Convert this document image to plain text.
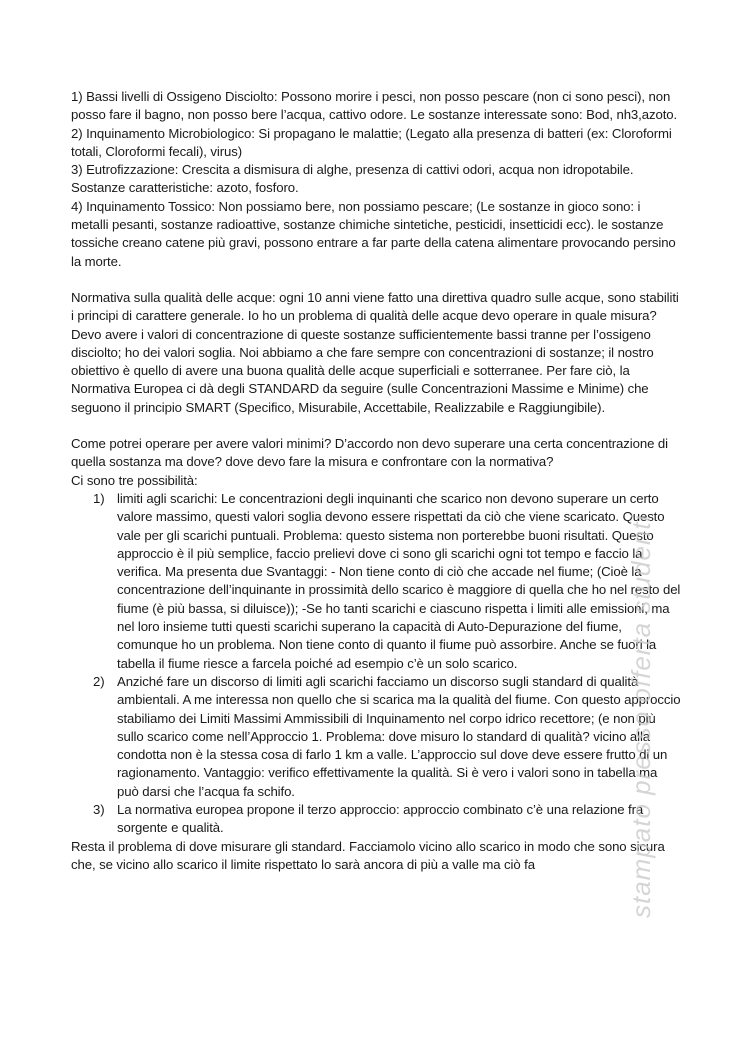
1) Bassi livelli di Ossigeno Disciolto: Possono morire i pesci, non posso pescare (non ci sono pesci), non posso fare il bagno, non posso bere l’acqua, cattivo odore. Le sostanze interessate sono: Bod, nh3,azoto.

2) Inquinamento Microbiologico: Si propagano le malattie; (Legato alla presenza di batteri (ex: Cloroformi totali, Cloroformi fecali), virus)

3) Eutrofizzazione: Crescita a dismisura di alghe, presenza di cattivi odori, acqua non idropotabile. Sostanze caratteristiche: azoto, fosforo.

4) Inquinamento Tossico: Non possiamo bere, non possiamo pescare; (Le sostanze in gioco sono: i metalli pesanti, sostanze radioattive, sostanze chimiche sintetiche, pesticidi, insetticidi ecc). le sostanze tossiche creano catene più gravi, possono entrare a far parte della catena alimentare provocando persino la morte.

Normativa sulla qualità delle acque: ogni 10 anni viene fatto una direttiva quadro sulle acque, sono stabiliti i principi di carattere generale. Io ho un problema di qualità delle acque devo operare in quale misura? Devo avere i valori di concentrazione di queste sostanze sufficientemente bassi tranne per l’ossigeno disciolto; ho dei valori soglia. Noi abbiamo a che fare sempre con concentrazioni di sostanze; il nostro obiettivo è quello di avere una buona qualità delle acque superficiali e sotterranee. Per fare ciò, la Normativa Europea ci dà degli STANDARD da seguire (sulle Concentrazioni Massime e Minime) che seguono il principio SMART (Specifico, Misurabile, Accettabile, Realizzabile e Raggiungibile).

Come potrei operare per avere valori minimi? D’accordo non devo superare una certa concentrazione di quella sostanza ma dove? dove devo fare la misura e confrontare con la normativa?

Ci sono tre possibilità:

1) limiti agli scarichi: Le concentrazioni degli inquinanti che scarico non devono superare un certo valore massimo, questi valori soglia devono essere rispettati da ciò che viene scaricato. Questo vale per gli scarichi puntuali. Problema: questo sistema non porterebbe buoni risultati. Questo approccio è il più semplice, faccio prelievi dove ci sono gli scarichi ogni tot tempo e faccio la verifica. Ma presenta due Svantaggi: - Non tiene conto di ciò che accade nel fiume; (Cioè la concentrazione dell’inquinante in prossimità dello scarico è maggiore di quella che ho nel resto del fiume (è più bassa, si diluisce)); -Se ho tanti scarichi e ciascuno rispetta i limiti alle emissioni, ma nel loro insieme tutti questi scarichi superano la capacità di Auto-Depurazione del fiume, comunque ho un problema. Non tiene conto di quanto il fiume può assorbire. Anche se fuori la tabella il fiume riesce a farcela poiché ad esempio c’è un solo scarico.
2) Anziché fare un discorso di limiti agli scarichi facciamo un discorso sugli standard di qualità ambientali. A me interessa non quello che si scarica ma la qualità del fiume. Con questo approccio stabiliamo dei Limiti Massimi Ammissibili di Inquinamento nel corpo idrico recettore; (e non più sullo scarico come nell’Approccio 1. Problema: dove misuro lo standard di qualità? vicino alla condotta non è la stessa cosa di farlo 1 km a valle. L’approccio sul dove deve essere frutto di un ragionamento. Vantaggio: verifico effettivamente la qualità. Si è vero i valori sono in tabella ma può darsi che l’acqua fa schifo.
3) La normativa europea propone il terzo approccio: approccio combinato c’è una relazione fra sorgente e qualità.

Resta il problema di dove misurare gli standard. Facciamolo vicino allo scarico in modo che sono sicura che, se vicino allo scarico il limite rispettato lo sarà ancora di più a valle ma ciò fa	stampato presso offerta studenti
